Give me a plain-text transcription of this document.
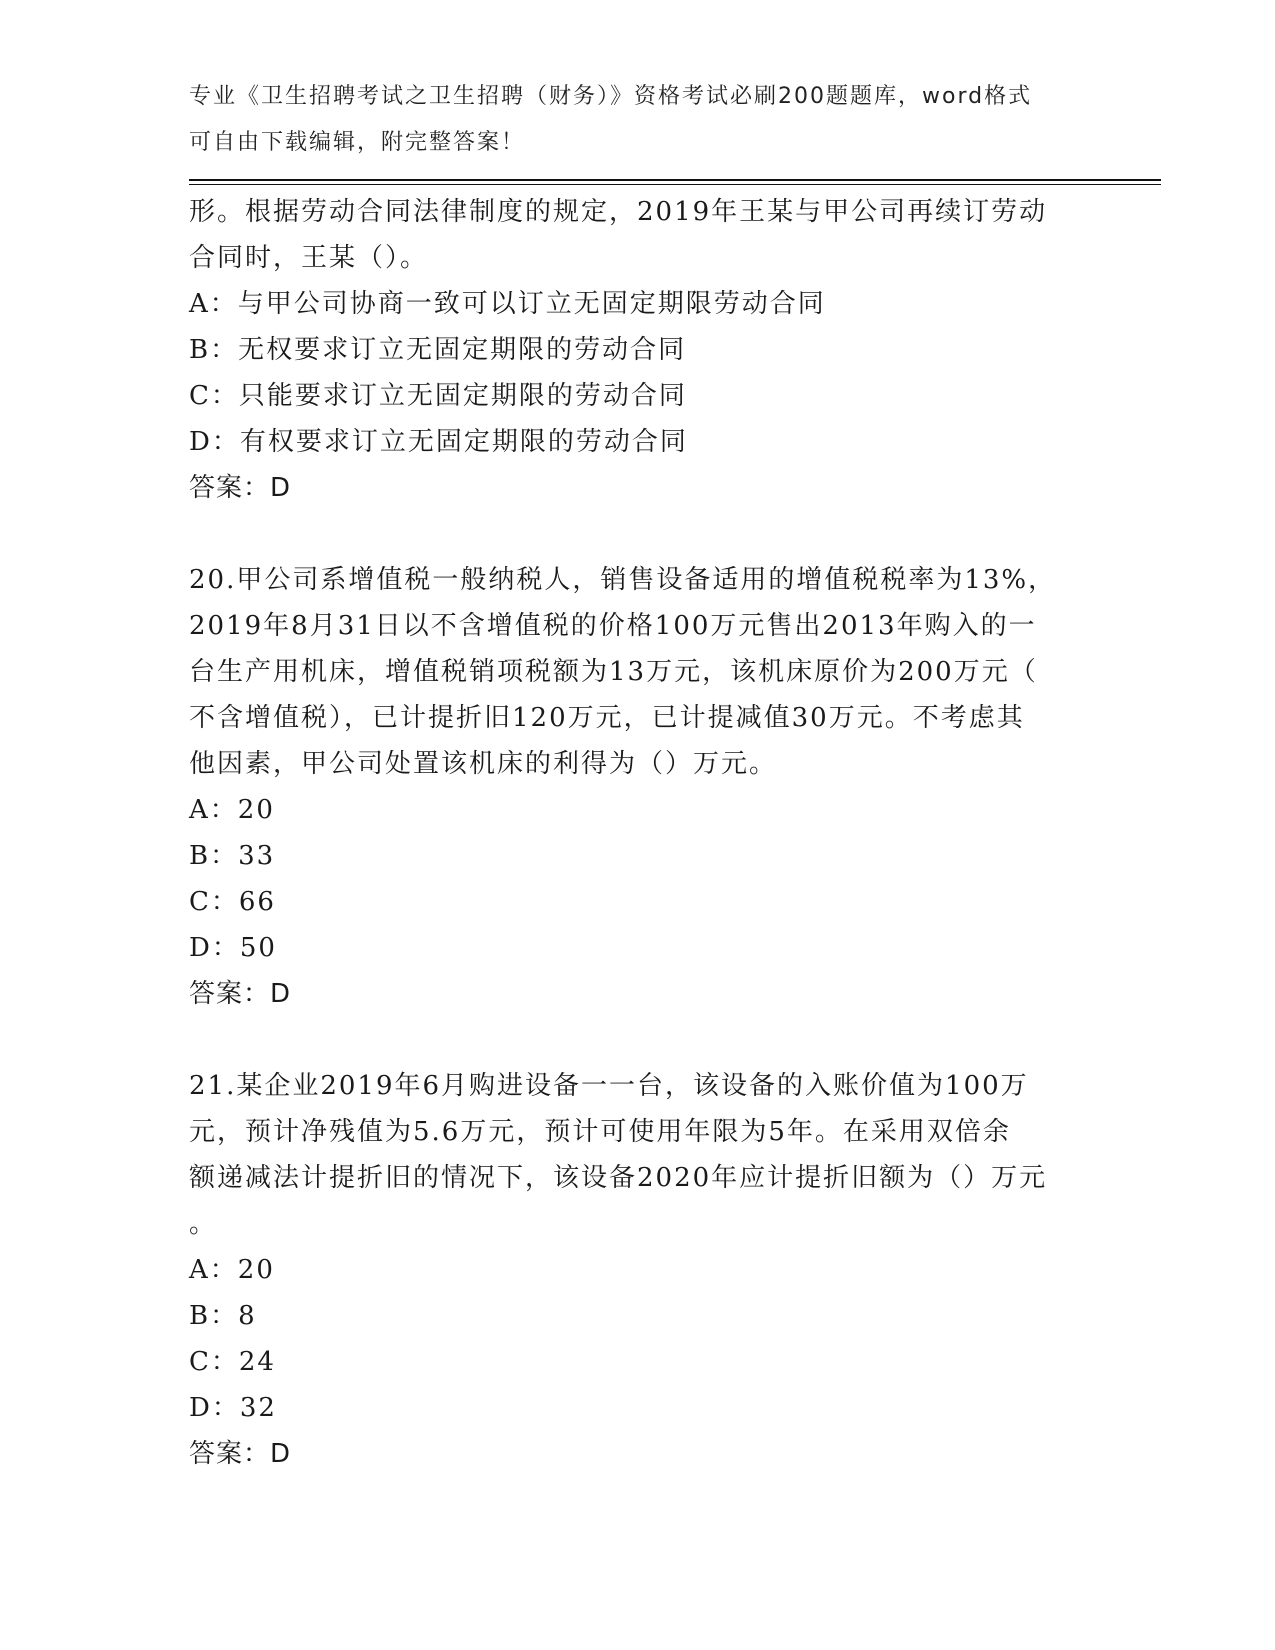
专业《卫生招聘考试之卫生招聘（财务）》资格考试必刷200题题库，word格式
可自由下载编辑，附完整答案！
形。根据劳动合同法律制度的规定，2019年王某与甲公司再续订劳动
合同时，王某（）。
A：与甲公司协商一致可以订立无固定期限劳动合同
B：无权要求订立无固定期限的劳动合同
C：只能要求订立无固定期限的劳动合同
D：有权要求订立无固定期限的劳动合同
答案：D
20.甲公司系增值税一般纳税人，销售设备适用的增值税税率为13%，
2019年8月31日以不含增值税的价格100万元售出2013年购入的一
台生产用机床，增值税销项税额为13万元，该机床原价为200万元（
不含增值税），已计提折旧120万元，已计提减值30万元。不考虑其
他因素，甲公司处置该机床的利得为（）万元。
A：20
B：33
C：66
D：50
答案：D
21.某企业2019年6月购进设备一一台，该设备的入账价值为100万
元，预计净残值为5.6万元，预计可使用年限为5年。在采用双倍余
额递减法计提折旧的情况下，该设备2020年应计提折旧额为（）万元
。
A：20
B：8
C：24
D：32
答案：D
